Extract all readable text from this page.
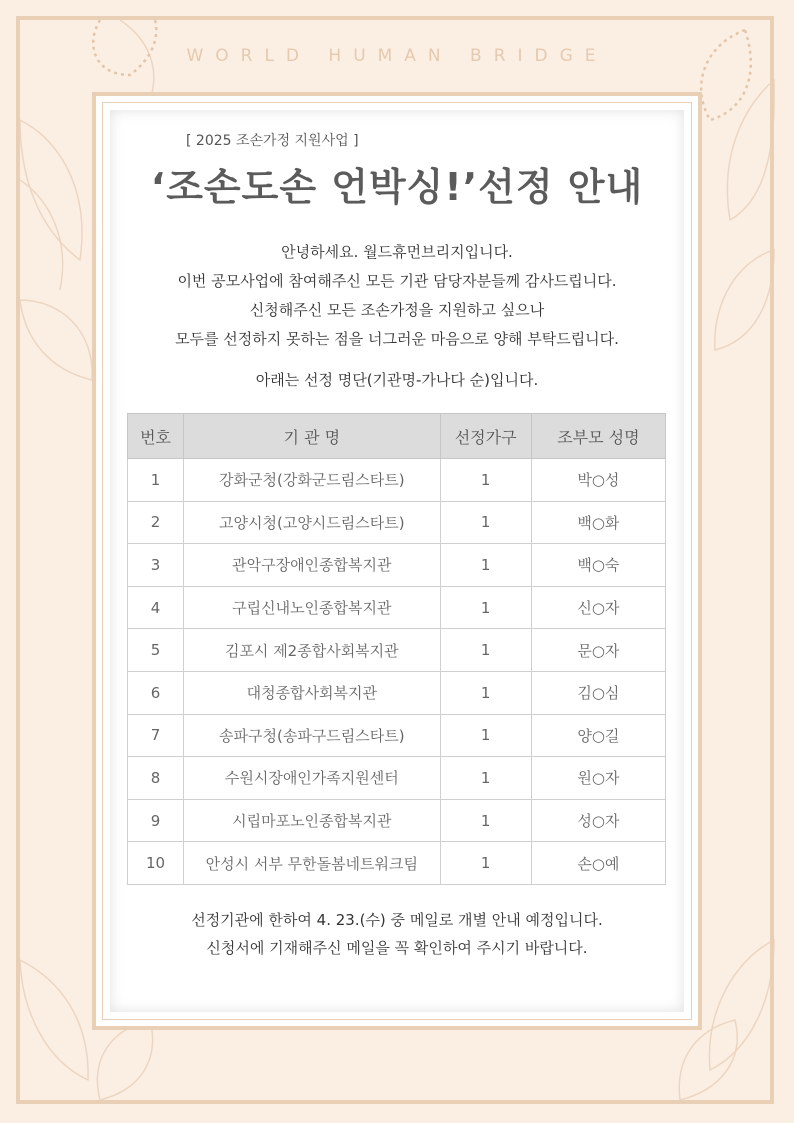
WORLD HUMAN BRIDGE
[ 2025 조손가정 지원사업 ]
‘조손도손 언박싱!’선정 안내
안녕하세요. 월드휴먼브리지입니다.
이번 공모사업에 참여해주신 모든 기관 담당자분들께 감사드립니다.
신청해주신 모든 조손가정을 지원하고 싶으나
모두를 선정하지 못하는 점을 너그러운 마음으로 양해 부탁드립니다.
아래는 선정 명단(기관명-가나다 순)입니다.
번호	기 관 명	선정가구	조부모 성명
1	강화군청(강화군드림스타트)	1	박○성
2	고양시청(고양시드림스타트)	1	백○화
3	관악구장애인종합복지관	1	백○숙
4	구립신내노인종합복지관	1	신○자
5	김포시 제2종합사회복지관	1	문○자
6	대청종합사회복지관	1	김○심
7	송파구청(송파구드림스타트)	1	양○길
8	수원시장애인가족지원센터	1	원○자
9	시립마포노인종합복지관	1	성○자
10	안성시 서부 무한돌봄네트워크팀	1	손○예
선정기관에 한하여 4. 23.(수) 중 메일로 개별 안내 예정입니다.
신청서에 기재해주신 메일을 꼭 확인하여 주시기 바랍니다.
